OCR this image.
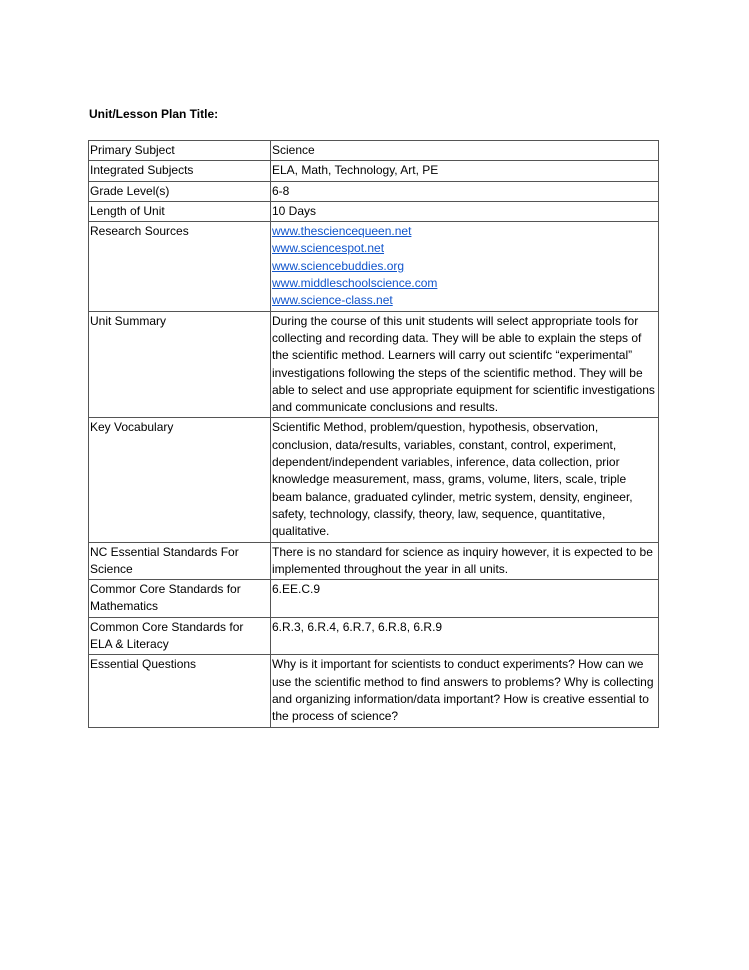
Unit/Lesson Plan Title:
Primary Subject	Science
Integrated Subjects	ELA, Math, Technology, Art, PE
Grade Level(s)	6-8
Length of Unit	10 Days
Research Sources	www.thesciencequeen.net
www.sciencespot.net
www.sciencebuddies.org
www.middleschoolscience.com
www.science-class.net

Unit Summary	During the course of this unit students will select appropriate tools for collecting and recording data. They will be able to explain the steps of the scientific method. Learners will carry out scientifc “experimental” investigations following the steps of the scientific method. They will be able to select and use appropriate equipment for scientific investigations and communicate conclusions and results.
Key Vocabulary	Scientific Method, problem/question, hypothesis, observation, conclusion, data/results, variables, constant, control, experiment, dependent/independent variables, inference, data collection, prior knowledge measurement, mass, grams, volume, liters, scale, triple beam balance, graduated cylinder, metric system, density, engineer, safety, technology, classify, theory, law, sequence, quantitative, qualitative.
NC Essential Standards For Science	There is no standard for science as inquiry however, it is expected to be implemented throughout the year in all units.
Commor Core Standards for Mathematics	6.EE.C.9
Common Core Standards for ELA & Literacy	6.R.3, 6.R.4, 6.R.7, 6.R.8, 6.R.9
Essential Questions	Why is it important for scientists to conduct experiments? How can we use the scientific method to find answers to problems? Why is collecting and organizing information/data important? How is creative essential to the process of science?
